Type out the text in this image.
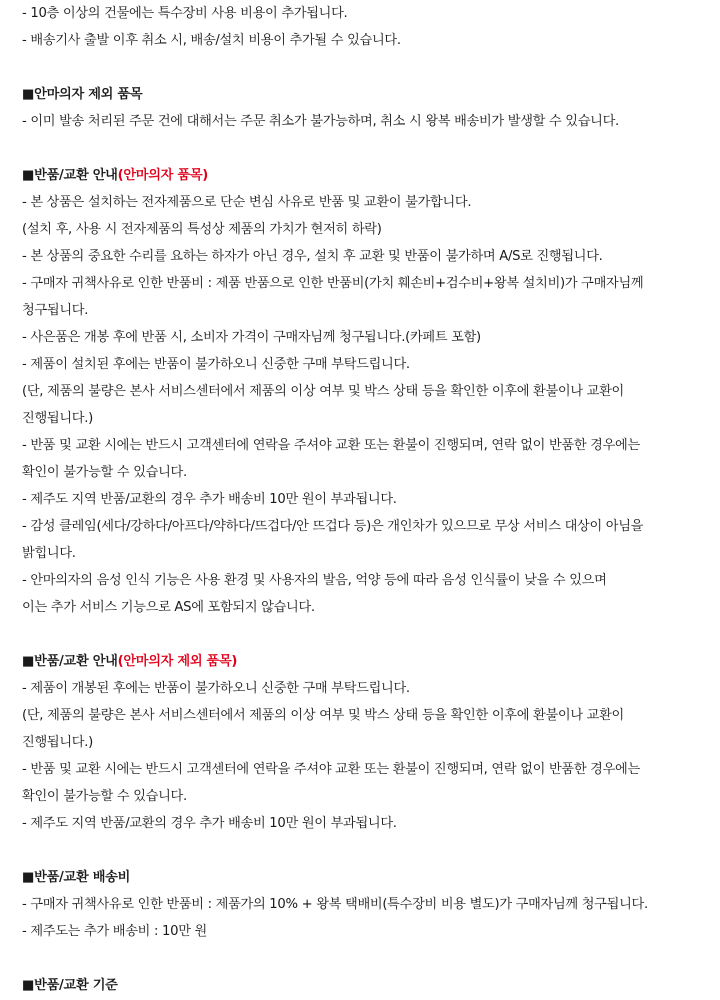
- 10층 이상의 건물에는 특수장비 사용 비용이 추가됩니다.
- 배송기사 출발 이후 취소 시, 배송/설치 비용이 추가될 수 있습니다.
■안마의자 제외 품목
- 이미 발송 처리된 주문 건에 대해서는 주문 취소가 불가능하며, 취소 시 왕복 배송비가 발생할 수 있습니다.
■반품/교환 안내(안마의자 품목)
- 본 상품은 설치하는 전자제품으로 단순 변심 사유로 반품 및 교환이 불가합니다.
(설치 후, 사용 시 전자제품의 특성상 제품의 가치가 현저히 하락)
- 본 상품의 중요한 수리를 요하는 하자가 아닌 경우, 설치 후 교환 및 반품이 불가하며 A/S로 진행됩니다.
- 구매자 귀책사유로 인한 반품비 : 제품 반품으로 인한 반품비(가치 훼손비+검수비+왕복 설치비)가 구매자님께
청구됩니다.
- 사은품은 개봉 후에 반품 시, 소비자 가격이 구매자님께 청구됩니다.(카페트 포함)
- 제품이 설치된 후에는 반품이 불가하오니 신중한 구매 부탁드립니다.
(단, 제품의 불량은 본사 서비스센터에서 제품의 이상 여부 및 박스 상태 등을 확인한 이후에 환불이나 교환이
진행됩니다.)
- 반품 및 교환 시에는 반드시 고객센터에 연락을 주셔야 교환 또는 환불이 진행되며, 연락 없이 반품한 경우에는
확인이 불가능할 수 있습니다.
- 제주도 지역 반품/교환의 경우 추가 배송비 10만 원이 부과됩니다.
- 감성 클레임(세다/강하다/아프다/약하다/뜨겁다/안 뜨겁다 등)은 개인차가 있으므로 무상 서비스 대상이 아님을
밝힙니다.
- 안마의자의 음성 인식 기능은 사용 환경 및 사용자의 발음, 억양 등에 따라 음성 인식률이 낮을 수 있으며
이는 추가 서비스 기능으로 AS에 포함되지 않습니다.
■반품/교환 안내(안마의자 제외 품목)
- 제품이 개봉된 후에는 반품이 불가하오니 신중한 구매 부탁드립니다.
(단, 제품의 불량은 본사 서비스센터에서 제품의 이상 여부 및 박스 상태 등을 확인한 이후에 환불이나 교환이
진행됩니다.)
- 반품 및 교환 시에는 반드시 고객센터에 연락을 주셔야 교환 또는 환불이 진행되며, 연락 없이 반품한 경우에는
확인이 불가능할 수 있습니다.
- 제주도 지역 반품/교환의 경우 추가 배송비 10만 원이 부과됩니다.
■반품/교환 배송비
- 구매자 귀책사유로 인한 반품비 : 제품가의 10% + 왕복 택배비(특수장비 비용 별도)가 구매자님께 청구됩니다.
- 제주도는 추가 배송비 : 10만 원
■반품/교환 기준
